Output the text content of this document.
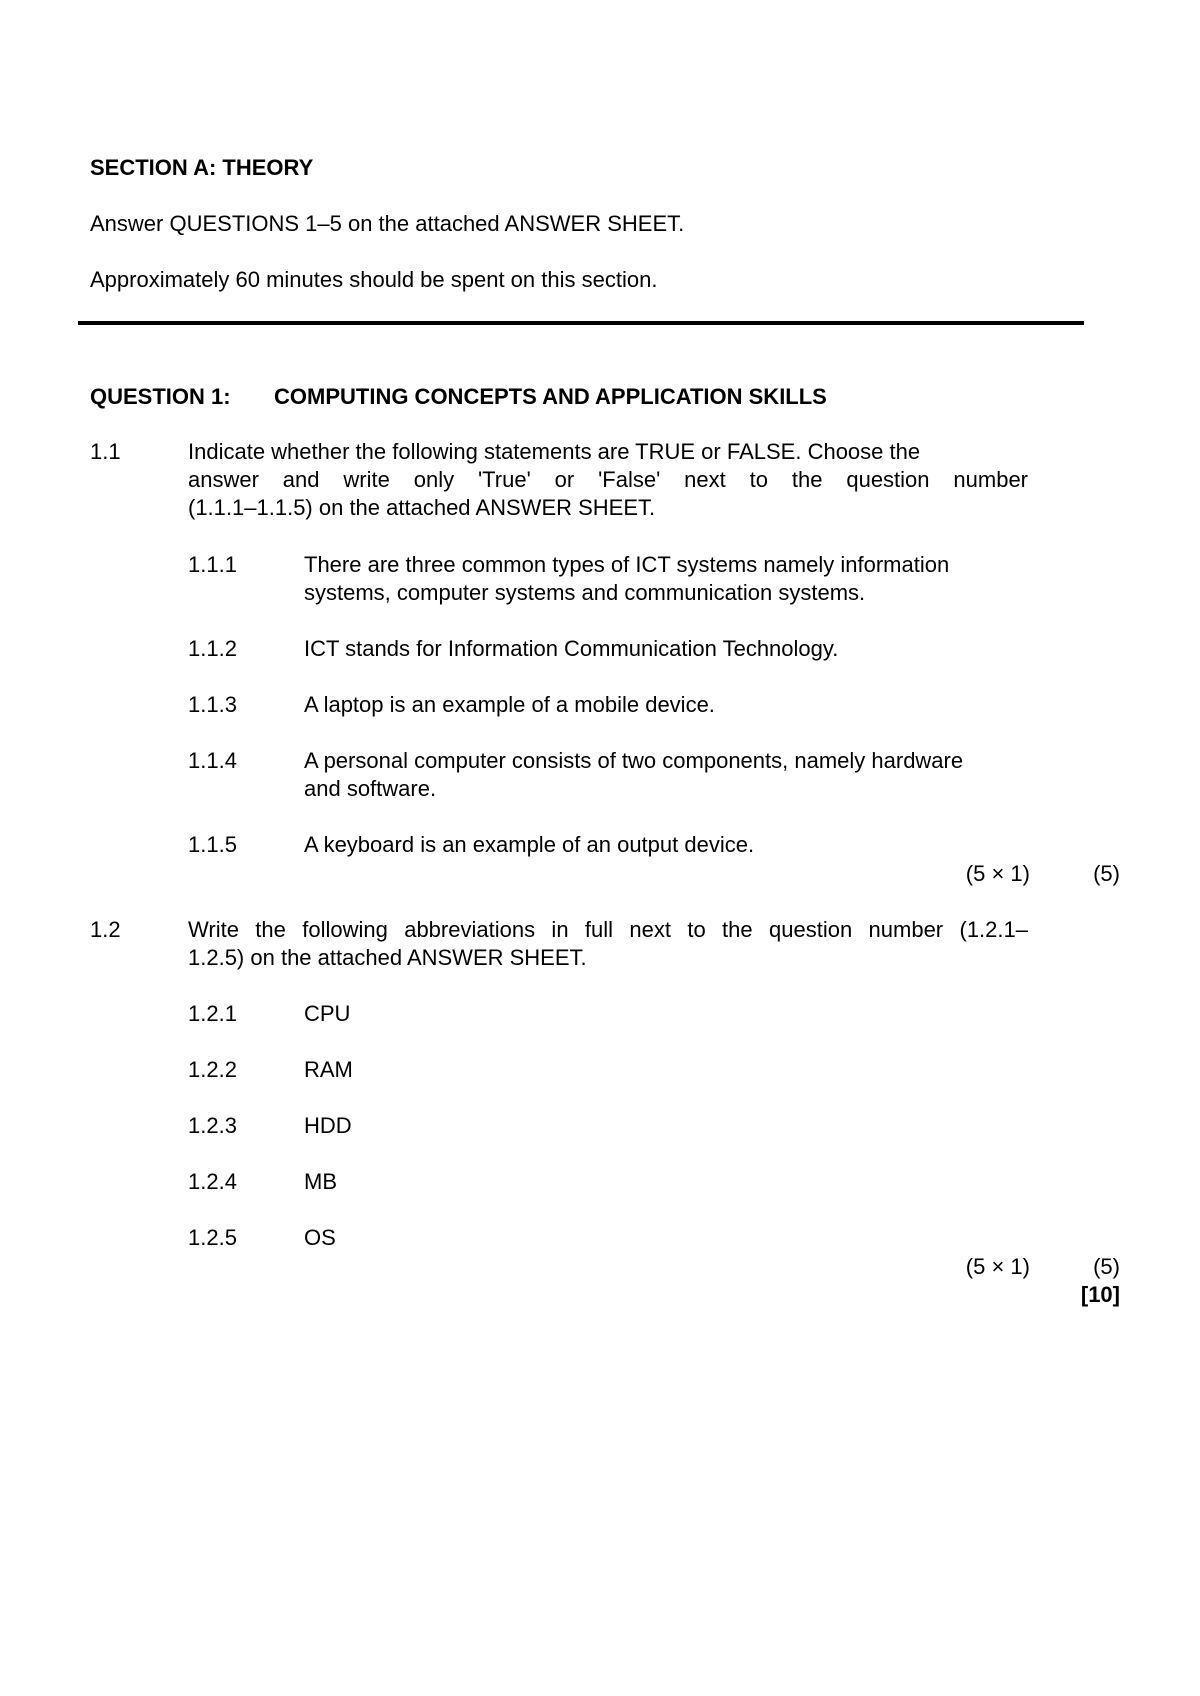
SECTION A: THEORY
Answer QUESTIONS 1–5 on the attached ANSWER SHEET.
Approximately 60 minutes should be spent on this section.
QUESTION 1: COMPUTING CONCEPTS AND APPLICATION SKILLS
1.1	Indicate whether the following statements are TRUE or FALSE. Choose the
answer and write only 'True' or 'False' next to the question number
(1.1.1–1.1.5) on the attached ANSWER SHEET.
1.1.1	There are three common types of ICT systems namely information
systems, computer systems and communication systems.
1.1.2	ICT stands for Information Communication Technology.
1.1.3	A laptop is an example of a mobile device.
1.1.4	A personal computer consists of two components, namely hardware
and software.
1.1.5	A keyboard is an example of an output device.
(5 × 1)	(5)
1.2	Write the following abbreviations in full next to the question number (1.2.1–
1.2.5) on the attached ANSWER SHEET.
1.2.1	CPU
1.2.2	RAM
1.2.3	HDD
1.2.4	MB
1.2.5	OS
(5 × 1)	(5)
[10]
